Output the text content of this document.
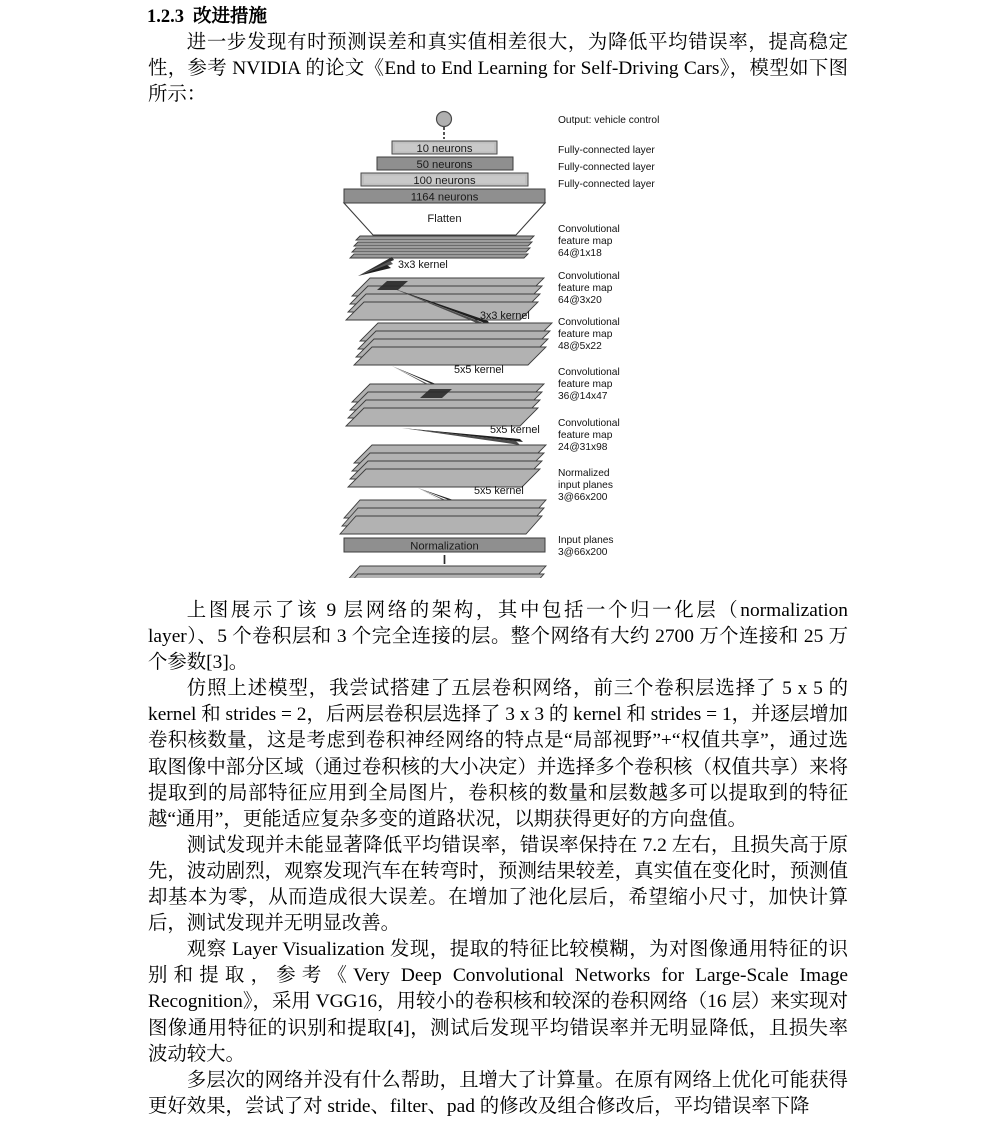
1.2.3 改进措施

进一步发现有时预测误差和真实值相差很大，为降低平均错误率，提高稳定性，参考 NVIDIA 的论文《End to End Learning for Self-Driving Cars》，模型如下图所示：

10 neurons
50 neurons
100 neurons
1164 neurons
Flatten
3x3 kernel
3x3 kernel
5x5 kernel
5x5 kernel
5x5 kernel
Normalization
Output: vehicle control
Fully-connected layer
Fully-connected layer
Fully-connected layer
Convolutional
feature map
64@1x18
Convolutional
feature map
64@3x20
Convolutional
feature map
48@5x22
Convolutional
feature map
36@14x47
Convolutional
feature map
24@31x98
Normalized
input planes
3@66x200
Input planes
3@66x200

上图展示了该 9 层网络的架构，其中包括一个归一化层（normalization layer）、5 个卷积层和 3 个完全连接的层。整个网络有大约 2700 万个连接和 25 万个参数[3]。

仿照上述模型，我尝试搭建了五层卷积网络，前三个卷积层选择了 5 x 5 的 kernel 和 strides = 2，后两层卷积层选择了 3 x 3 的 kernel 和 strides = 1，并逐层增加卷积核数量，这是考虑到卷积神经网络的特点是“局部视野”+“权值共享”，通过选取图像中部分区域（通过卷积核的大小决定）并选择多个卷积核（权值共享）来将提取到的局部特征应用到全局图片，卷积核的数量和层数越多可以提取到的特征越“通用”，更能适应复杂多变的道路状况，以期获得更好的方向盘值。

测试发现并未能显著降低平均错误率，错误率保持在 7.2 左右，且损失高于原先，波动剧烈，观察发现汽车在转弯时，预测结果较差，真实值在变化时，预测值却基本为零，从而造成很大误差。在增加了池化层后，希望缩小尺寸，加快计算后，测试发现并无明显改善。

观察 Layer Visualization 发现，提取的特征比较模糊，为对图像通用特征的识别和提取，参考《Very Deep Convolutional Networks for Large-Scale Image Recognition》，采用 VGG16，用较小的卷积核和较深的卷积网络（16 层）来实现对图像通用特征的识别和提取[4]，测试后发现平均错误率并无明显降低，且损失率波动较大。

多层次的网络并没有什么帮助，且增大了计算量。在原有网络上优化可能获得更好效果，尝试了对 stride、filter、pad 的修改及组合修改后，平均错误率下降
